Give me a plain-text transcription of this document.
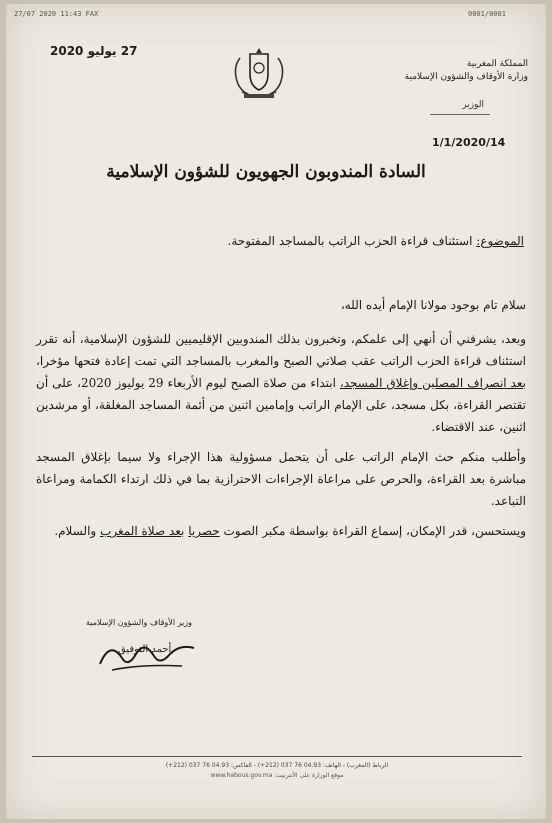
27/07 2020 11:43 FAX	0001/0001
27 يوليو 2020
المملكة المغربية
وزارة الأوقاف والشؤون الإسلامية
الوزير
1/1/2020/14
السادة المندوبون الجهويون للشؤون الإسلامية
الموضوع: استئناف قراءة الحزب الراتب بالمساجد المفتوحة.

سلام تام بوجود مولانا الإمام أيده الله،

وبعد، يشرفني أن أنهي إلى علمكم، وتخبرون بذلك المندوبين الإقليميين للشؤون الإسلامية، أنه تقرر استئناف قراءة الحزب الراتب عقب صلاتي الصبح والمغرب بالمساجد التي تمت إعادة فتحها مؤخرا، بعد انصراف المصلين وإغلاق المسجد، ابتداء من صلاة الصبح ليوم الأربعاء 29 يوليوز 2020، على أن تقتصر القراءة، بكل مسجد، على الإمام الراتب وإمامين اثنين من أئمة المساجد المغلقة، أو مرشدين اثنين، عند الاقتضاء.

وأطلب منكم حث الإمام الراتب على أن يتحمل مسؤولية هذا الإجراء ولا سيما بإغلاق المسجد مباشرة بعد القراءة، والحرص على مراعاة الإجراءات الاحترازية بما في ذلك ارتداء الكمامة ومراعاة التباعد.

ويستحسن، قدر الإمكان، إسماع القراءة بواسطة مكبر الصوت حصريا بعد صلاة المغرب والسلام.

وزير الأوقاف والشؤون الإسلامية
أحمد التوفيق
الرباط (المغرب) - الهاتف: 04.93 76 037 (212+) - الفاكس: 04.93 76 037 (212+)
موقع الوزارة على الأنترنيت: www.habous.gov.ma
